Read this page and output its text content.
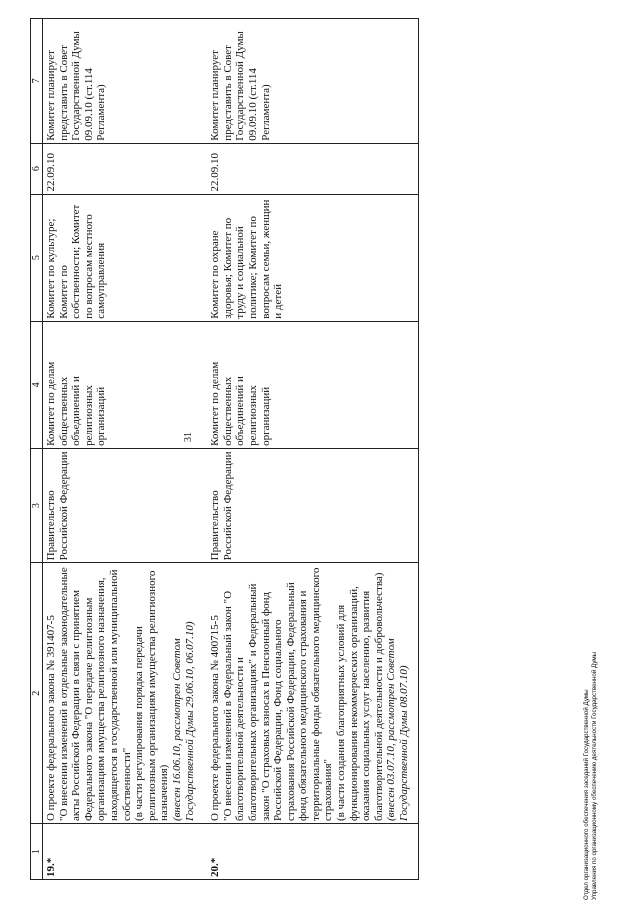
31
1	2	3	4	5	6	7
19.*	О проекте федерального закона № 391407-5 "О внесении изменений в отдельные законодательные акты Российской Федерации в связи с принятием Федерального закона "О передаче религиозным организациям имущества религиозного назначения, находящегося в государственной или муниципальной собственности" (в части регулирования порядка передачи религиозным организациям имущества религиозного назначения) (внесен 16.06.10, рассмотрен Советом Государственной Думы 29.06.10, 06.07.10)	Правительство Российской Федерации	Комитет по делам общественных объединений и религиозных организаций	Комитет по культуре; Комитет по собственности; Комитет по вопросам местного самоуправления	22.09.10	Комитет планирует представить в Совет Государственной Думы 09.09.10 (ст.114 Регламента)
20.*	О проекте федерального закона № 400715-5 "О внесении изменений в Федеральный закон "О благотворительной деятельности и благотворительных организациях" и Федеральный закон "О страховых взносах в Пенсионный фонд Российской Федерации, Фонд социального страхования Российской Федерации, Федеральный фонд обязательного медицинского страхования и территориальные фонды обязательного медицинского страхования" (в части создания благоприятных условий для функционирования некоммерческих организаций, оказания социальных услуг населению, развития благотворительной деятельности и добровольчества) (внесен 03.07.10, рассмотрен Советом Государственной Думы 08.07.10)	Правительство Российской Федерации	Комитет по делам общественных объединений и религиозных организаций	Комитет по охране здоровья; Комитет по труду и социальной политике; Комитет по вопросам семьи, женщин и детей	22.09.10	Комитет планирует представить в Совет Государственной Думы 09.09.10 (ст.114 Регламента)

Отдел организационного обеспечения заседаний Государственной Думы Управления по организационному обеспечению деятельности Государственной Думы
